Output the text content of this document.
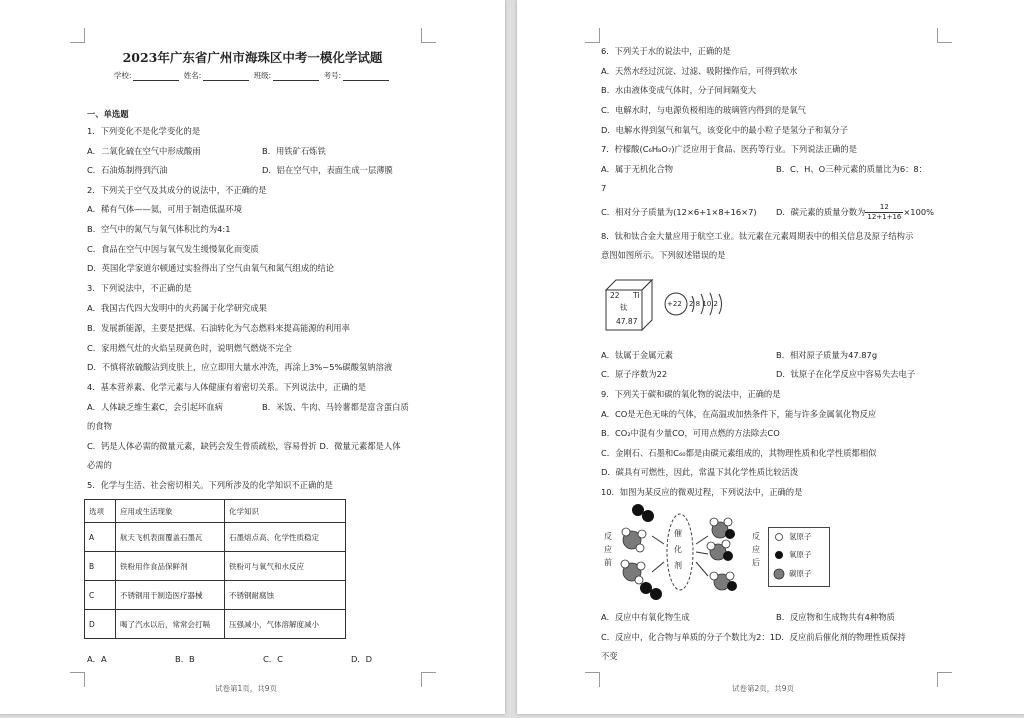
2023年广东省广州市海珠区中考一模化学试题
学校:	姓名:	班级:	考号:
一、单选题
1．下列变化不是化学变化的是
A．二氧化硫在空气中形成酸雨	B．用铁矿石炼铁
C．石油炼制得到汽油	D．铝在空气中，表面生成一层薄膜
2．下列关于空气及其成分的说法中，不正确的是
A．稀有气体——氦，可用于制造低温环境
B．空气中的氮气与氧气体积比约为4:1
C．食品在空气中因与氧气发生缓慢氧化而变质
D．英国化学家道尔顿通过实验得出了空气由氧气和氮气组成的结论
3．下列说法中，不正确的是
A．我国古代四大发明中的火药属于化学研究成果
B．发展新能源，主要是把煤、石油转化为气态燃料来提高能源的利用率
C．家用燃气灶的火焰呈现黄色时，说明燃气燃烧不完全
D．不慎将浓硫酸沾到皮肤上，应立即用大量水冲洗，再涂上3%~5%碳酸氢钠溶液
4．基本营养素、化学元素与人体健康有着密切关系。下列说法中，正确的是
A．人体缺乏维生素C，会引起坏血病	B．米饭、牛肉、马铃薯都是富含蛋白质
的食物
C．钙是人体必需的微量元素，缺钙会发生骨质疏松，容易骨折 D．微量元素都是人体
必需的
5．化学与生活、社会密切相关。下列所涉及的化学知识不正确的是
选项	应用或生活现象	化学知识
A	航天飞机表面覆盖石墨瓦	石墨熔点高、化学性质稳定
B	铁粉用作食品保鲜剂	铁粉可与氧气和水反应
C	不锈钢用于制造医疗器械	不锈钢耐腐蚀
D	喝了汽水以后，常常会打嗝	压强减小，气体溶解度减小
A．A	B．B	C．C	D．D
试卷第1页，共9页
6．下列关于水的说法中，正确的是
A．天然水经过沉淀、过滤、吸附操作后，可得到软水
B．水由液体变成气体时，分子间间隔变大
C．电解水时，与电源负极相连的玻璃管内得到的是氧气
D．电解水得到氢气和氧气，该变化中的最小粒子是氢分子和氧分子
7．柠檬酸(C₆H₈O₇)广泛应用于食品、医药等行业。下列说法正确的是
A．属于无机化合物	B．C、H、O三种元素的质量比为6：8：
7
C．相对分子质量为(12×6+1×8+16×7) D．碳元素的质量分数为 $\frac{12}{12+1+16} \times 100\%$
8．钛和钛合金大量应用于航空工业。钛元素在元素周期表中的相关信息及原子结构示
意图如图所示。下列叙述错误的是
22 Ti
钛
47.87
+22 2 8 10 2
A．钛属于金属元素	B．相对原子质量为47.87g
C．原子序数为22	D．钛原子在化学反应中容易失去电子
9．下列关于碳和碳的氧化物的说法中，正确的是
A．CO是无色无味的气体，在高温或加热条件下，能与许多金属氧化物反应
B．CO₂中混有少量CO，可用点燃的方法除去CO
C．金刚石、石墨和C₆₀都是由碳元素组成的，其物理性质和化学性质都相似
D．碳具有可燃性，因此，常温下其化学性质比较活泼
10．如图为某反应的微观过程，下列说法中，正确的是
反应前
反应后
催化剂
氢原子
氧原子
碳原子
A．反应中有氧化物生成	B．反应物和生成物共有4种物质
C．反应中，化合物与单质的分子个数比为2：1D．反应前后催化剂的物理性质保持
不变
试卷第2页，共9页
